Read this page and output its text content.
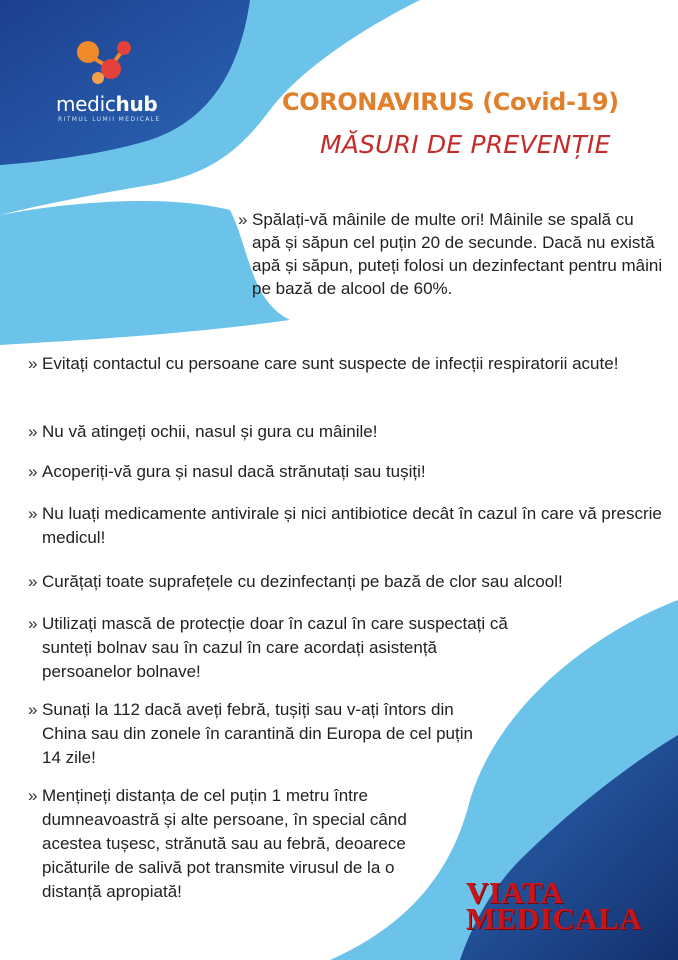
medichub
RITMUL LUMII MEDICALE
CORONAVIRUS (Covid-19)
MĂSURI DE PREVENȚIE
» Spălați-vă mâinile de multe ori! Mâinile se spală cu apă și săpun cel puțin 20 de secunde. Dacă nu există apă și săpun, puteți folosi un dezinfectant pentru mâini pe bază de alcool de 60%.
» Evitați contactul cu persoane care sunt suspecte de infecții respiratorii acute!
» Nu vă atingeți ochii, nasul și gura cu mâinile!
» Acoperiți-vă gura și nasul dacă strănutați sau tușiți!
» Nu luați medicamente antivirale și nici antibiotice decât în cazul în care vă prescrie medicul!
» Curățați toate suprafețele cu dezinfectanți pe bază de clor sau alcool!
» Utilizați mască de protecție doar în cazul în care suspectați că sunteți bolnav sau în cazul în care acordați asistență persoanelor bolnave!
» Sunați la 112 dacă aveți febră, tușiți sau v-ați întors din China sau din zonele în carantină din Europa de cel puțin 14 zile!
» Mențineți distanța de cel puțin 1 metru între dumneavoastră și alte persoane, în special când acestea tușesc, strănută sau au febră, deoarece picăturile de salivă pot transmite virusul de la o distanță apropiată!	VIATA
MEDICALA
